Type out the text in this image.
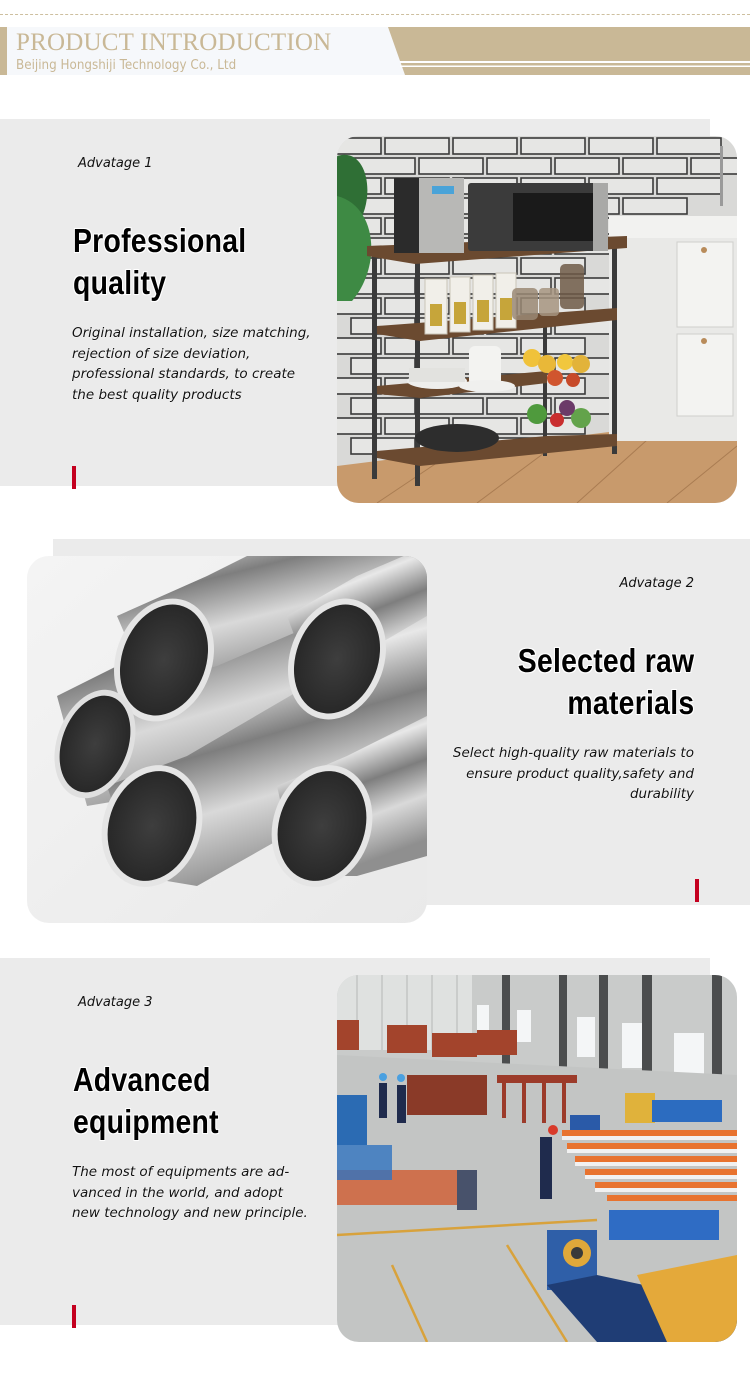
PRODUCT INTRODUCTION
Beijing Hongshiji Technology Co., Ltd
Advatage 1
Professional
quality
Original installation, size matching,
rejection of size deviation,
professional standards, to create
the best quality products
Advatage 2
Selected raw
materials
Select high-quality raw materials to
ensure product quality,safety and
durability
Advatage 3
Advanced
equipment
The most of equipments are ad-
vanced in the world, and adopt
new technology and new principle.
